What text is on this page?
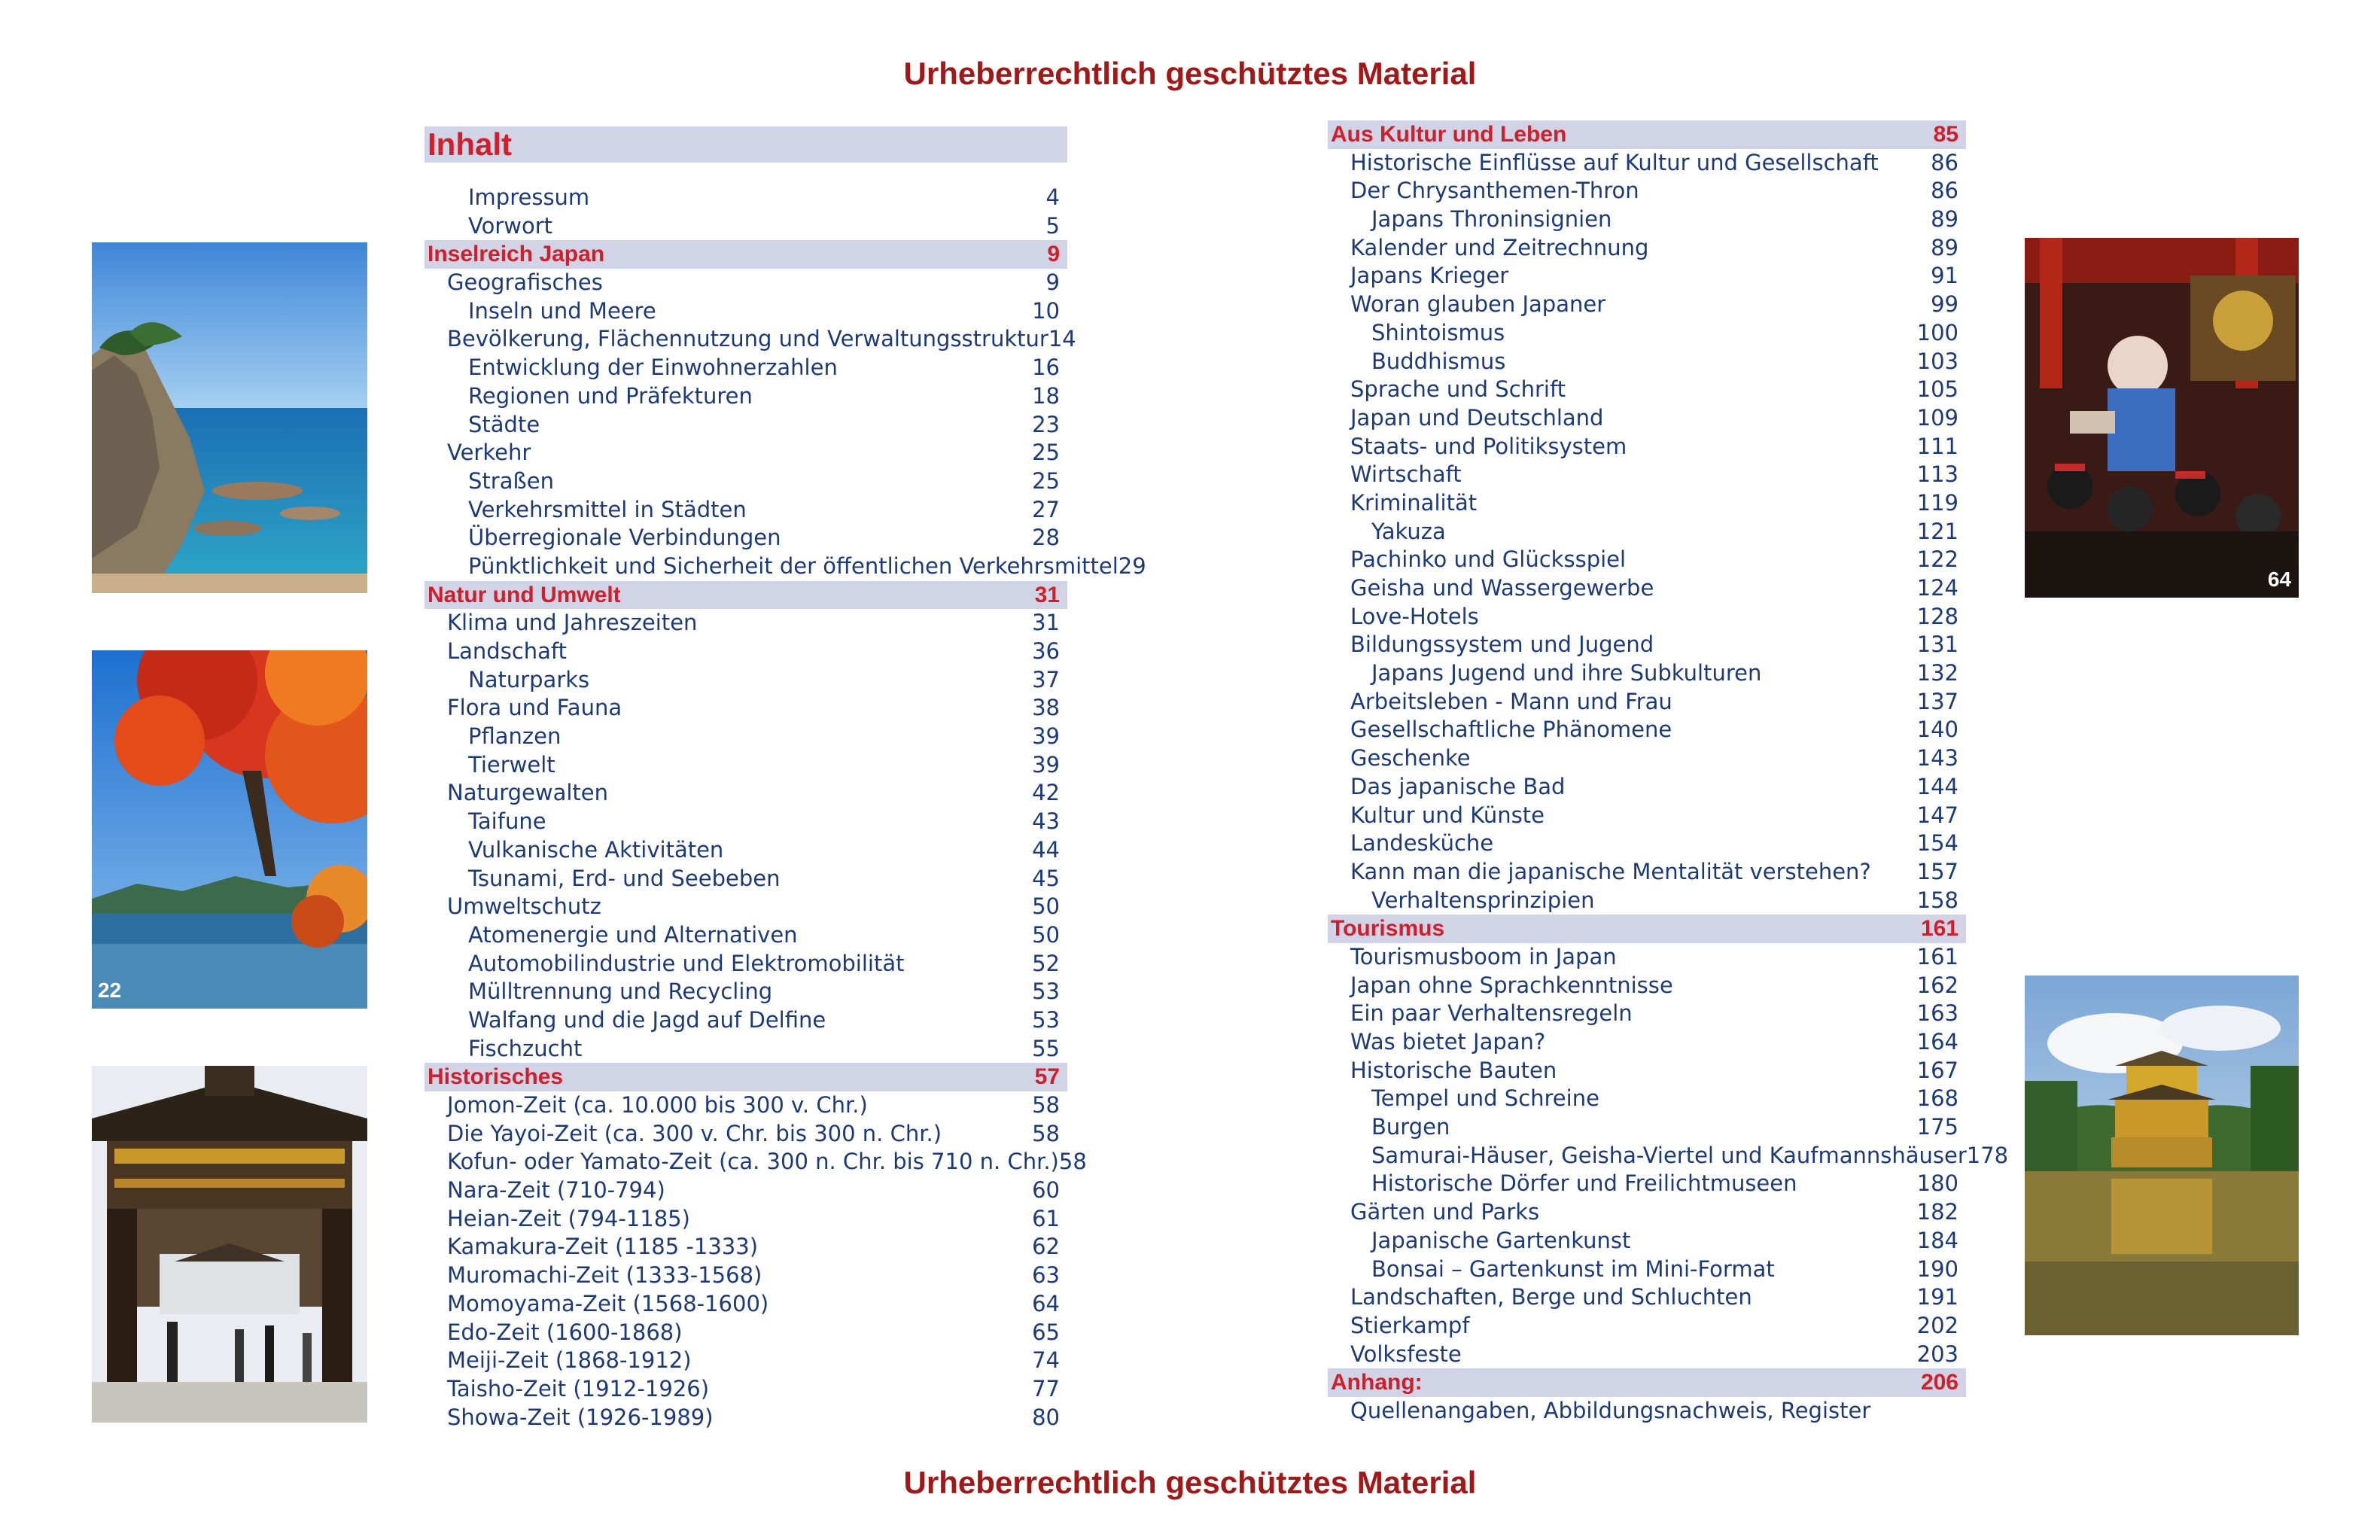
Urheberrechtlich geschütztes Material
Urheberrechtlich geschütztes Material
22
64
Inhalt
Impressum	4
Vorwort	5
Inselreich Japan	9
Geografisches	9
Inseln und Meere	10
Bevölkerung, Flächennutzung und Verwaltungsstruktur 14
Entwicklung der Einwohnerzahlen	16
Regionen und Präfekturen	18
Städte	23
Verkehr	25
Straßen	25
Verkehrsmittel in Städten	27
Überregionale Verbindungen	28
Pünktlichkeit und Sicherheit der öffentlichen Verkehrsmittel 29
Natur und Umwelt	31
Klima und Jahreszeiten	31
Landschaft	36
Naturparks	37
Flora und Fauna	38
Pflanzen	39
Tierwelt	39
Naturgewalten	42
Taifune	43
Vulkanische Aktivitäten	44
Tsunami, Erd- und Seebeben	45
Umweltschutz	50
Atomenergie und Alternativen	50
Automobilindustrie und Elektromobilität	52
Mülltrennung und Recycling	53
Walfang und die Jagd auf Delfine	53
Fischzucht	55
Historisches	57
Jomon-Zeit (ca. 10.000 bis 300 v. Chr.)	58
Die Yayoi-Zeit (ca. 300 v. Chr. bis 300 n. Chr.)	58
Kofun- oder Yamato-Zeit (ca. 300 n. Chr. bis 710 n. Chr.) 58
Nara-Zeit (710-794)	60
Heian-Zeit (794-1185)	61
Kamakura-Zeit (1185 -1333)	62
Muromachi-Zeit (1333-1568)	63
Momoyama-Zeit (1568-1600)	64
Edo-Zeit (1600-1868)	65
Meiji-Zeit (1868-1912)	74
Taisho-Zeit (1912-1926)	77
Showa-Zeit (1926-1989)	80
Aus Kultur und Leben	85
Historische Einflüsse auf Kultur und Gesellschaft 86
Der Chrysanthemen-Thron	86
Japans Throninsignien	89
Kalender und Zeitrechnung	89
Japans Krieger	91
Woran glauben Japaner	99
Shintoismus	100
Buddhismus	103
Sprache und Schrift	105
Japan und Deutschland	109
Staats- und Politiksystem	111
Wirtschaft	113
Kriminalität	119
Yakuza	121
Pachinko und Glücksspiel	122
Geisha und Wassergewerbe	124
Love-Hotels	128
Bildungssystem und Jugend	131
Japans Jugend und ihre Subkulturen	132
Arbeitsleben - Mann und Frau	137
Gesellschaftliche Phänomene	140
Geschenke	143
Das japanische Bad	144
Kultur und Künste	147
Landesküche	154
Kann man die japanische Mentalität verstehen? 157
Verhaltensprinzipien	158
Tourismus	161
Tourismusboom in Japan	161
Japan ohne Sprachkenntnisse	162
Ein paar Verhaltensregeln	163
Was bietet Japan?	164
Historische Bauten	167
Tempel und Schreine	168
Burgen	175
Samurai-Häuser, Geisha-Viertel und Kaufmannshäuser 178
Historische Dörfer und Freilichtmuseen	180
Gärten und Parks	182
Japanische Gartenkunst	184
Bonsai – Gartenkunst im Mini-Format	190
Landschaften, Berge und Schluchten	191
Stierkampf	202
Volksfeste	203
Anhang:	206
Quellenangaben, Abbildungsnachweis, Register
